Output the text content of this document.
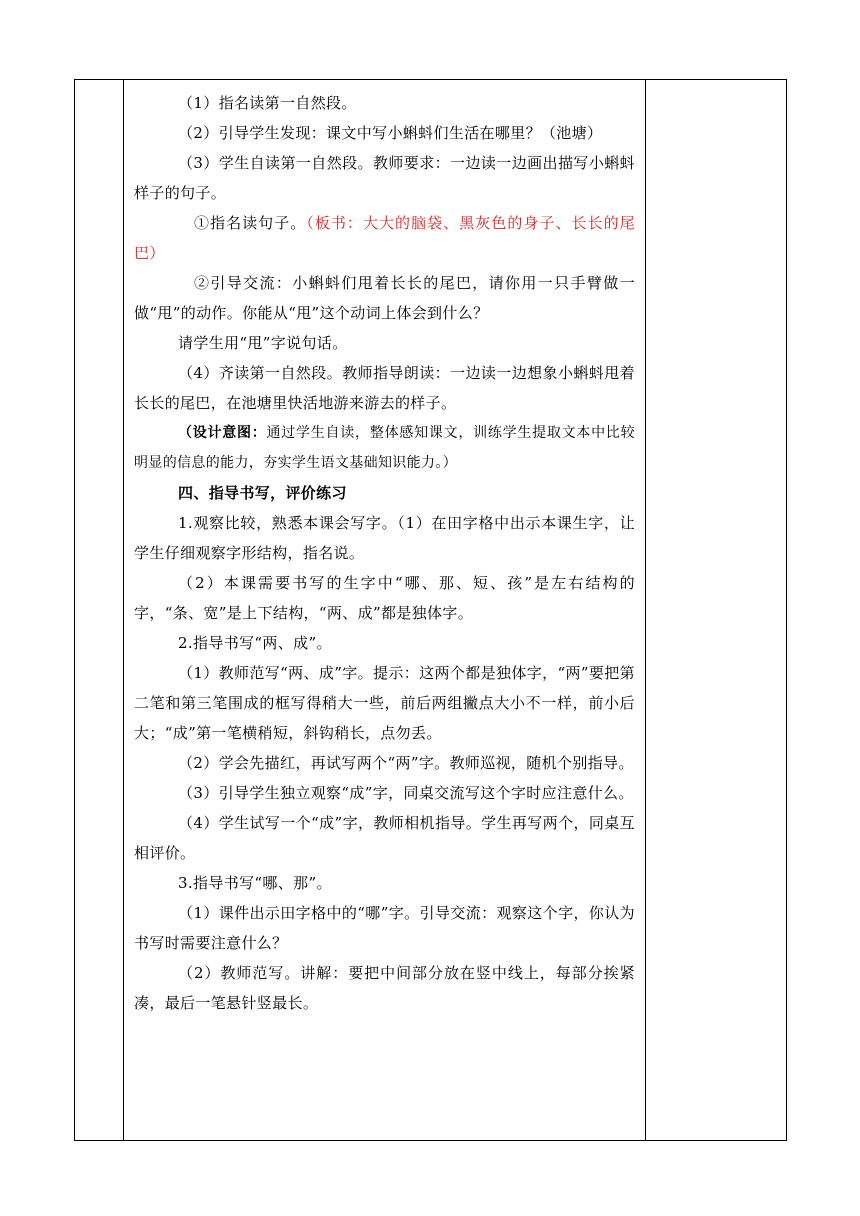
（1）指名读第一自然段。

（2）引导学生发现：课文中写小蝌蚪们生活在哪里？（池塘）

（3）学生自读第一自然段。教师要求：一边读一边画出描写小蝌蚪样子的句子。

①指名读句子。（板书：大大的脑袋、黑灰色的身子、长长的尾巴）

②引导交流：小蝌蚪们甩着长长的尾巴，请你用一只手臂做一做“甩”的动作。你能从“甩”这个动词上体会到什么？

请学生用“甩”字说句话。

（4）齐读第一自然段。教师指导朗读：一边读一边想象小蝌蚪甩着长长的尾巴，在池塘里快活地游来游去的样子。

（设计意图：通过学生自读，整体感知课文，训练学生提取文本中比较明显的信息的能力，夯实学生语文基础知识能力。）

四、指导书写，评价练习

1.观察比较，熟悉本课会写字。（1）在田字格中出示本课生字，让学生仔细观察字形结构，指名说。

（2）本课需要书写的生字中“哪、那、短、孩”是左右结构的字，“条、宽”是上下结构，“两、成”都是独体字。

2.指导书写“两、成”。

（1）教师范写“两、成”字。提示：这两个都是独体字，“两”要把第二笔和第三笔围成的框写得稍大一些，前后两组撇点大小不一样，前小后大；“成”第一笔横稍短，斜钩稍长，点勿丢。

（2）学会先描红，再试写两个“两”字。教师巡视，随机个别指导。

（3）引导学生独立观察“成”字，同桌交流写这个字时应注意什么。

（4）学生试写一个“成”字，教师相机指导。学生再写两个，同桌互相评价。

3.指导书写“哪、那”。

（1）课件出示田字格中的“哪”字。引导交流：观察这个字，你认为书写时需要注意什么？

（2）教师范写。讲解：要把中间部分放在竖中线上，每部分挨紧凑，最后一笔悬针竖最长。
